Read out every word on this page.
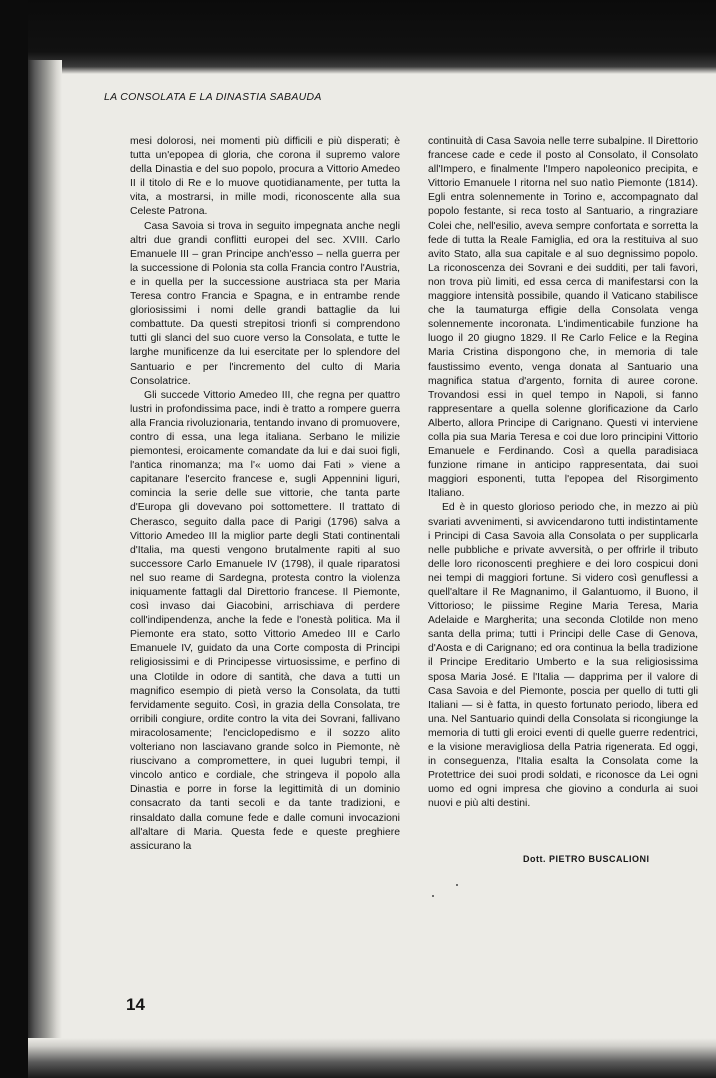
LA CONSOLATA E LA DINASTIA SABAUDA

mesi dolorosi, nei momenti più difficili e più disperati; è tutta un'epopea di gloria, che corona il supremo valore della Dinastia e del suo popolo, procura a Vittorio Amedeo II il titolo di Re e lo muove quotidianamente, per tutta la vita, a mostrarsi, in mille modi, riconoscente alla sua Celeste Patrona.

Casa Savoia si trova in seguito impegnata anche negli altri due grandi conflitti europei del sec. XVIII. Carlo Emanuele III – gran Principe anch'esso – nella guerra per la successione di Polonia sta colla Francia contro l'Austria, e in quella per la successione austriaca sta per Maria Teresa contro Francia e Spagna, e in entrambe rende gloriosissimi i nomi delle grandi battaglie da lui combattute. Da questi strepitosi trionfi si comprendono tutti gli slanci del suo cuore verso la Consolata, e tutte le larghe munificenze da lui esercitate per lo splendore del Santuario e per l'incremento del culto di Maria Consolatrice.

Gli succede Vittorio Amedeo III, che regna per quattro lustri in profondissima pace, indi è tratto a rompere guerra alla Francia rivoluzionaria, tentando invano di promuovere, contro di essa, una lega italiana. Serbano le milizie piemontesi, eroicamente comandate da lui e dai suoi figli, l'antica rinomanza; ma l'« uomo dai Fati » viene a capitanare l'esercito francese e, sugli Appennini liguri, comincia la serie delle sue vittorie, che tanta parte d'Europa gli dovevano poi sottomettere. Il trattato di Cherasco, seguito dalla pace di Parigi (1796) salva a Vittorio Amedeo III la miglior parte degli Stati continentali d'Italia, ma questi vengono brutalmente rapiti al suo successore Carlo Emanuele IV (1798), il quale riparatosi nel suo reame di Sardegna, protesta contro la violenza iniquamente fattagli dal Direttorio francese. Il Piemonte, così invaso dai Giacobini, arrischiava di perdere coll'indipendenza, anche la fede e l'onestà politica. Ma il Piemonte era stato, sotto Vittorio Amedeo III e Carlo Emanuele IV, guidato da una Corte composta di Principi religiosissimi e di Principesse virtuosissime, e perfino di una Clotilde in odore di santità, che dava a tutti un magnifico esempio di pietà verso la Consolata, da tutti fervidamente seguito. Così, in grazia della Consolata, tre orribili congiure, ordite contro la vita dei Sovrani, fallivano miracolosamente; l'enciclopedismo e il sozzo alito volteriano non lasciavano grande solco in Piemonte, nè riuscivano a compromettere, in quei lugubri tempi, il vincolo antico e cordiale, che stringeva il popolo alla Dinastia e porre in forse la legittimità di un dominio consacrato da tanti secoli e da tante tradizioni, e rinsaldato dalla comune fede e dalle comuni invocazioni all'altare di Maria. Questa fede e queste preghiere assicurano la

continuità di Casa Savoia nelle terre subalpine. Il Direttorio francese cade e cede il posto al Consolato, il Consolato all'Impero, e finalmente l'Impero napoleonico precipita, e Vittorio Emanuele I ritorna nel suo natìo Piemonte (1814). Egli entra solennemente in Torino e, accompagnato dal popolo festante, si reca tosto al Santuario, a ringraziare Colei che, nell'esilio, aveva sempre confortata e sorretta la fede di tutta la Reale Famiglia, ed ora la restituiva al suo avito Stato, alla sua capitale e al suo degnissimo popolo. La riconoscenza dei Sovrani e dei sudditi, per tali favori, non trova più limiti, ed essa cerca di manifestarsi con la maggiore intensità possibile, quando il Vaticano stabilisce che la taumaturga effigie della Consolata venga solennemente incoronata. L'indimenticabile funzione ha luogo il 20 giugno 1829. Il Re Carlo Felice e la Regina Maria Cristina dispongono che, in memoria di tale faustissimo evento, venga donata al Santuario una magnifica statua d'argento, fornita di auree corone. Trovandosi essi in quel tempo in Napoli, si fanno rappresentare a quella solenne glorificazione da Carlo Alberto, allora Principe di Carignano. Questi vi interviene colla pia sua Maria Teresa e coi due loro principini Vittorio Emanuele e Ferdinando. Così a quella paradisiaca funzione rimane in anticipo rappresentata, dai suoi maggiori esponenti, tutta l'epopea del Risorgimento Italiano.

Ed è in questo glorioso periodo che, in mezzo ai più svariati avvenimenti, si avvicendarono tutti indistintamente i Principi di Casa Savoia alla Consolata o per supplicarla nelle pubbliche e private avversità, o per offrirle il tributo delle loro riconoscenti preghiere e dei loro cospicui doni nei tempi di maggiori fortune. Si videro così genuflessi a quell'altare il Re Magnanimo, il Galantuomo, il Buono, il Vittorioso; le piissime Regine Maria Teresa, Maria Adelaide e Margherita; una seconda Clotilde non meno santa della prima; tutti i Principi delle Case di Genova, d'Aosta e di Carignano; ed ora continua la bella tradizione il Principe Ereditario Umberto e la sua religiosissima sposa Maria José. E l'Italia — dapprima per il valore di Casa Savoia e del Piemonte, poscia per quello di tutti gli Italiani — si è fatta, in questo fortunato periodo, libera ed una. Nel Santuario quindi della Consolata si ricongiunge la memoria di tutti gli eroici eventi di quelle guerre redentrici, e la visione meravigliosa della Patria rigenerata. Ed oggi, in conseguenza, l'Italia esalta la Consolata come la Protettrice dei suoi prodi soldati, e riconosce da Lei ogni uomo ed ogni impresa che giovino a condurla ai suoi nuovi e più alti destini.

Dott. PIETRO BUSCALIONI
14
